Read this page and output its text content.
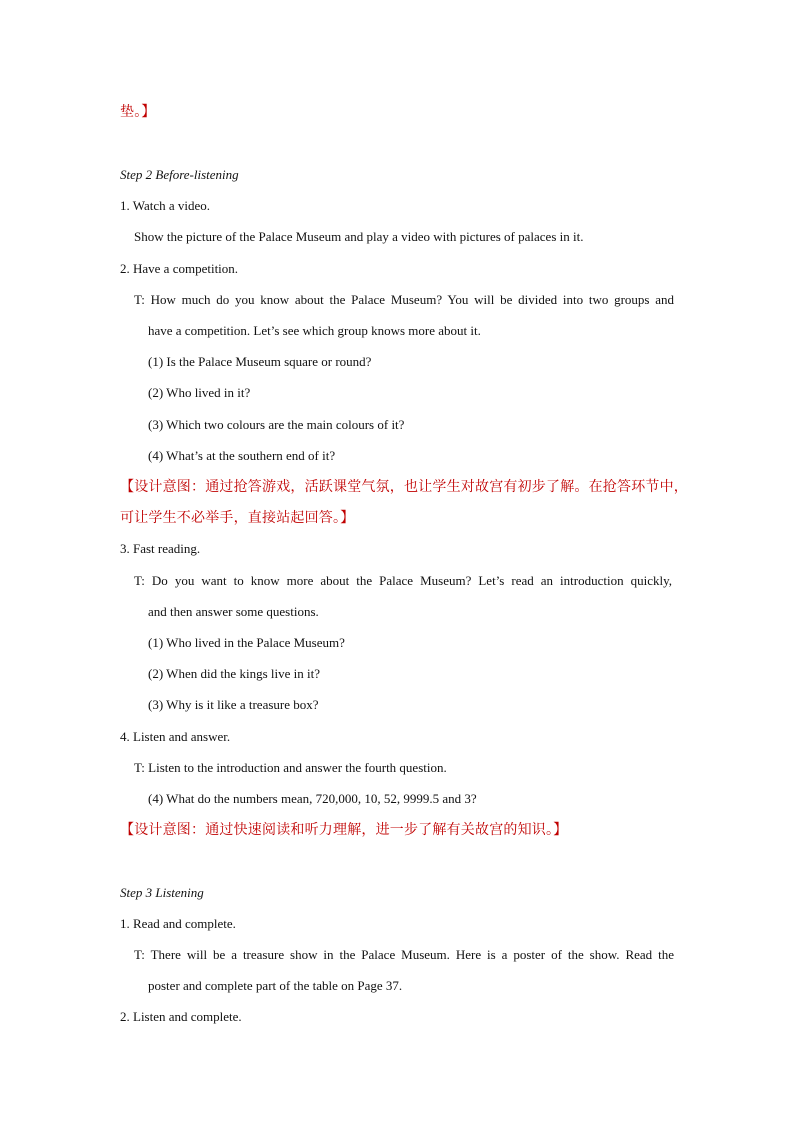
垫。】
Step 2 Before-listening
1. Watch a video.
Show the picture of the Palace Museum and play a video with pictures of palaces in it.
2. Have a competition.
T: How much do you know about the Palace Museum? You will be divided into two groups and
have a competition. Let’s see which group knows more about it.
(1) Is the Palace Museum square or round?
(2) Who lived in it?
(3) Which two colours are the main colours of it?
(4) What’s at the southern end of it?
【设计意图：通过抢答游戏，活跃课堂气氛，也让学生对故宫有初步了解。在抢答环节中，
可让学生不必举手，直接站起回答。】
3. Fast reading.
T: Do you want to know more about the Palace Museum? Let’s read an introduction quickly,
and then answer some questions.
(1) Who lived in the Palace Museum?
(2) When did the kings live in it?
(3) Why is it like a treasure box?
4. Listen and answer.
T: Listen to the introduction and answer the fourth question.
(4) What do the numbers mean, 720,000, 10, 52, 9999.5 and 3?
【设计意图：通过快速阅读和听力理解，进一步了解有关故宫的知识。】
Step 3 Listening
1. Read and complete.
T: There will be a treasure show in the Palace Museum. Here is a poster of the show. Read the
poster and complete part of the table on Page 37.
2. Listen and complete.
